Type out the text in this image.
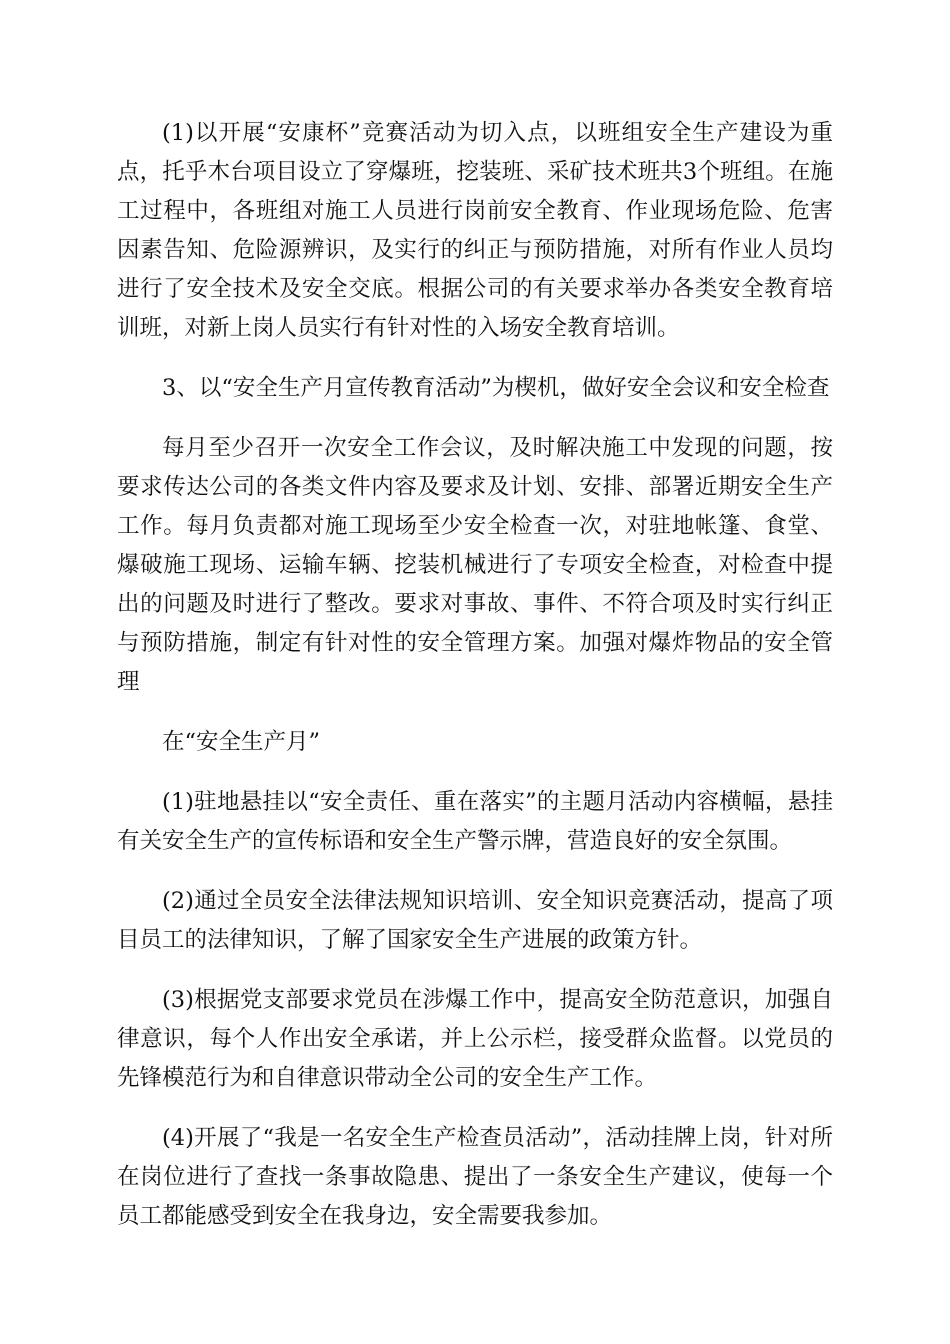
(1)以开展“安康杯”竞赛活动为切入点，以班组安全生产建设为重点，托乎木台项目设立了穿爆班，挖装班、采矿技术班共3个班组。在施工过程中，各班组对施工人员进行岗前安全教育、作业现场危险、危害因素告知、危险源辨识，及实行的纠正与预防措施，对所有作业人员均进行了安全技术及安全交底。根据公司的有关要求举办各类安全教育培训班，对新上岗人员实行有针对性的入场安全教育培训。

3、以“安全生产月宣传教育活动”为楔机，做好安全会议和安全检查

每月至少召开一次安全工作会议，及时解决施工中发现的问题，按要求传达公司的各类文件内容及要求及计划、安排、部署近期安全生产工作。每月负责都对施工现场至少安全检查一次，对驻地帐篷、食堂、爆破施工现场、运输车辆、挖装机械进行了专项安全检查，对检查中提出的问题及时进行了整改。要求对事故、事件、不符合项及时实行纠正与预防措施，制定有针对性的安全管理方案。加强对爆炸物品的安全管理

在“安全生产月”

(1)驻地悬挂以“安全责任、重在落实”的主题月活动内容横幅，悬挂有关安全生产的宣传标语和安全生产警示牌，营造良好的安全氛围。

(2)通过全员安全法律法规知识培训、安全知识竞赛活动，提高了项目员工的法律知识，了解了国家安全生产进展的政策方针。

(3)根据党支部要求党员在涉爆工作中，提高安全防范意识，加强自律意识，每个人作出安全承诺，并上公示栏，接受群众监督。以党员的先锋模范行为和自律意识带动全公司的安全生产工作。

(4)开展了“我是一名安全生产检查员活动”，活动挂牌上岗，针对所在岗位进行了查找一条事故隐患、提出了一条安全生产建议，使每一个员工都能感受到安全在我身边，安全需要我参加。
